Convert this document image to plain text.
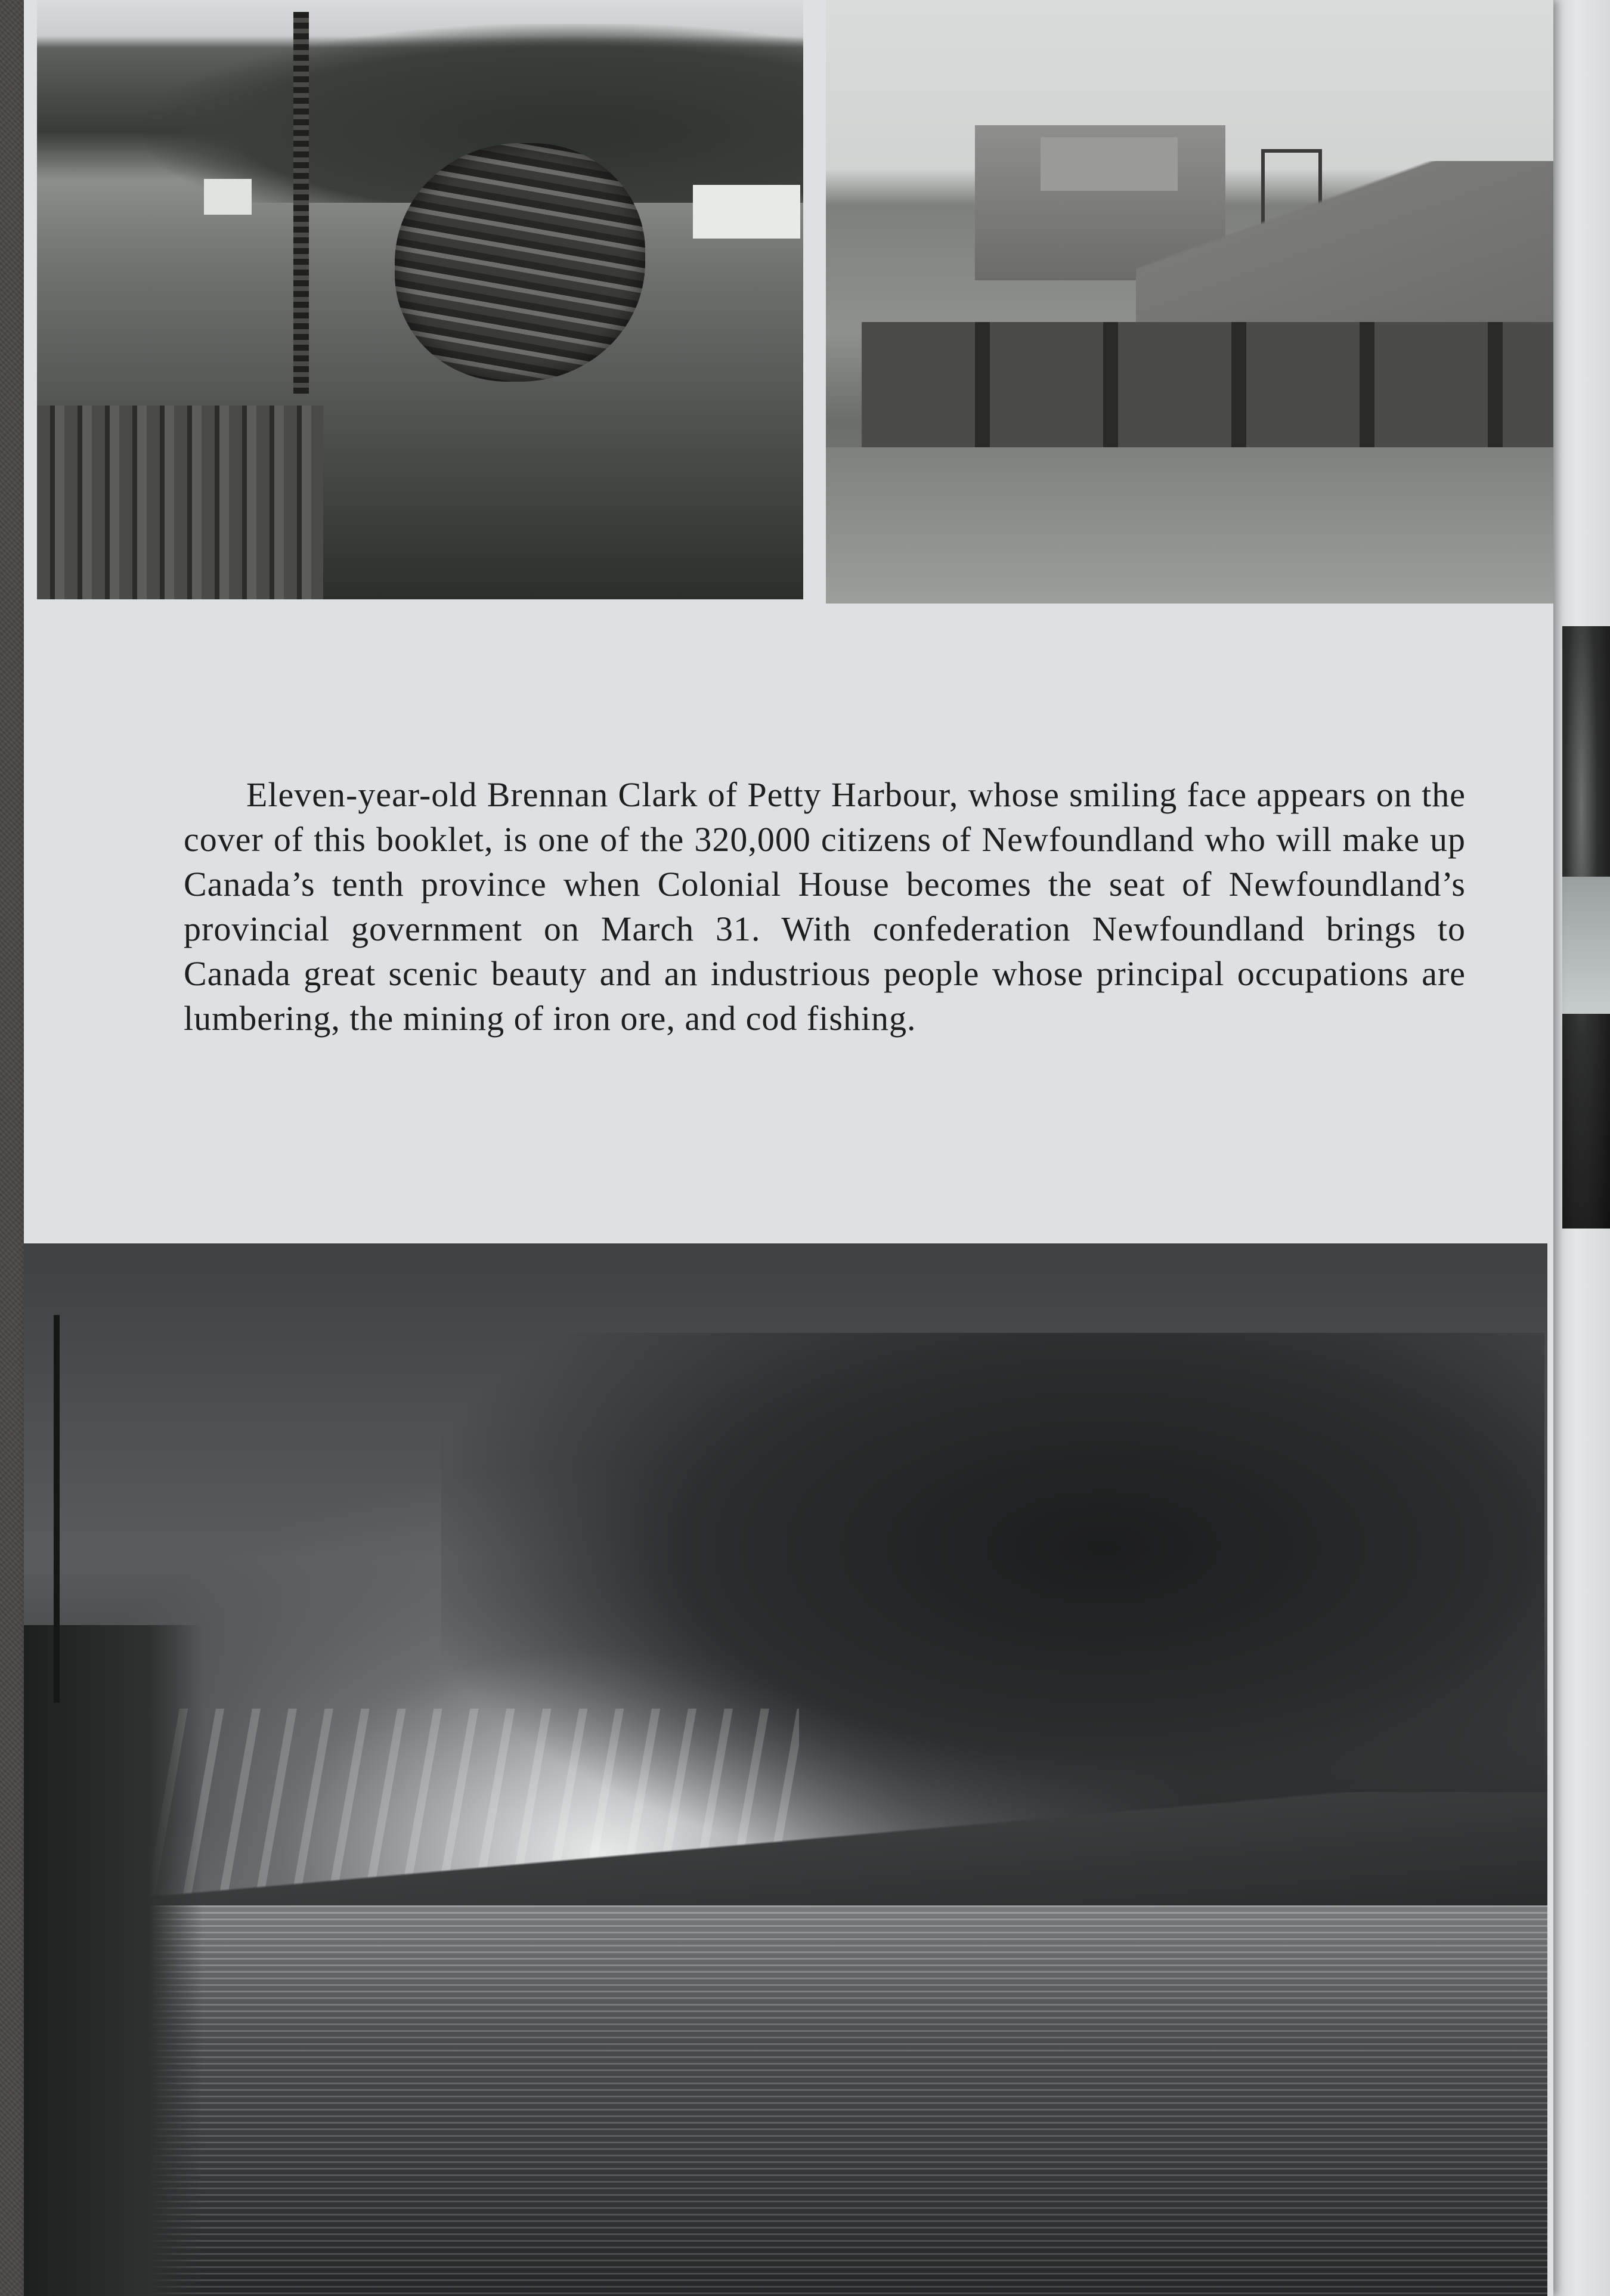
Eleven-year-old Brennan Clark of Petty Harbour, whose smiling face appears on the cover of this booklet, is one of the 320,000 citizens of Newfoundland who will make up Canada’s tenth province when Colonial House becomes the seat of Newfoundland’s provincial government on March 31. With confederation Newfoundland brings to Canada great scenic beauty and an industrious people whose principal occupations are lumbering, the mining of iron ore, and cod fishing.
